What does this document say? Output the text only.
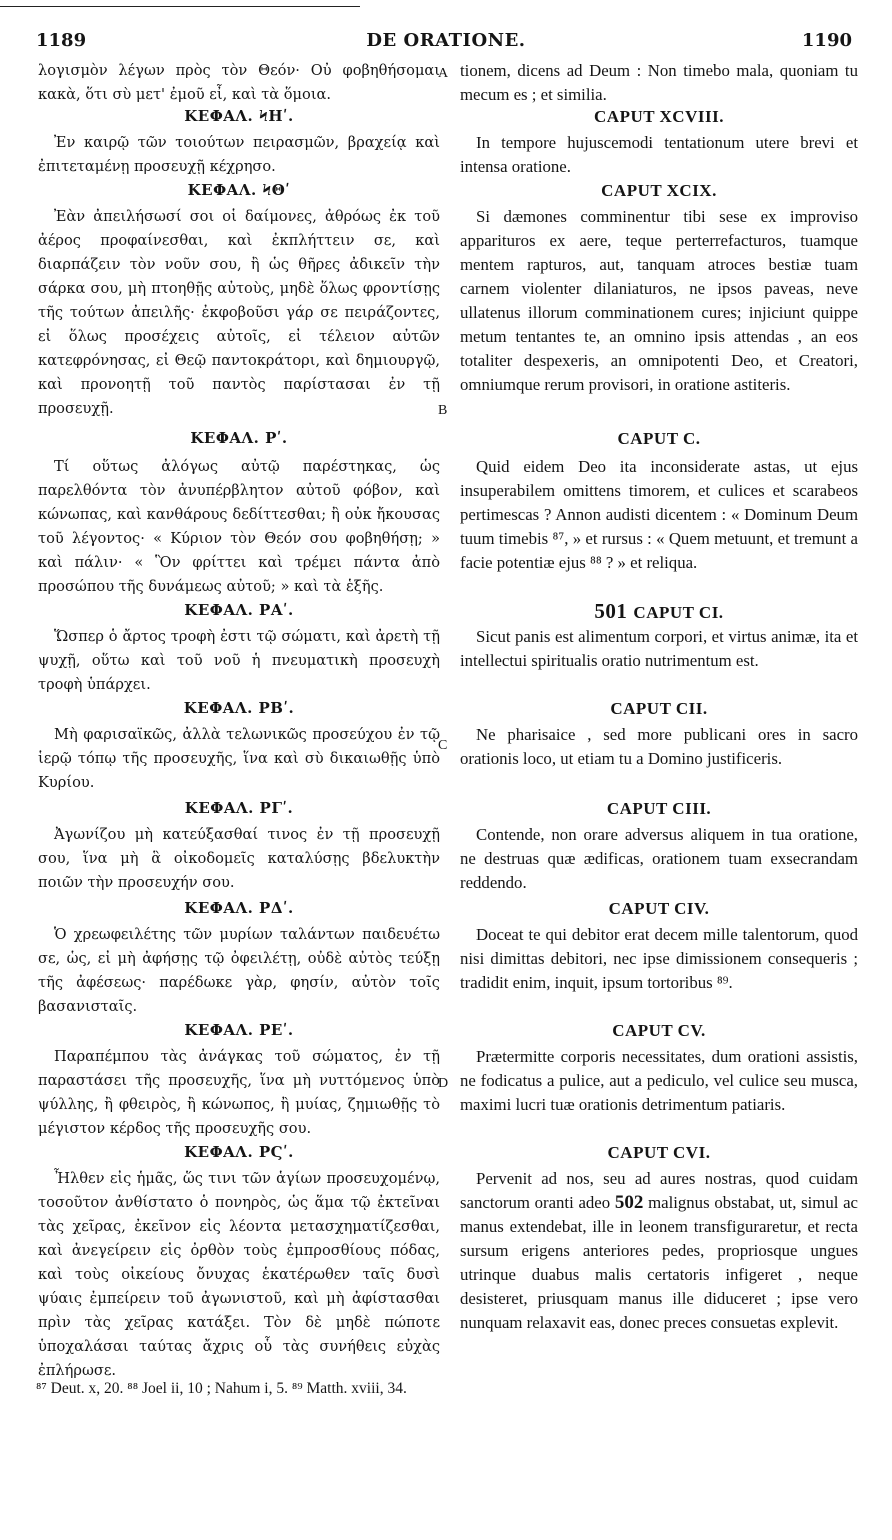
DE ORATIONE.
1189	1190
A
B
C
D

λογισμὸν λέγων πρὸς τὸν Θεόν· Οὐ φοβηθήσομαι κακὰ, ὅτι σὺ μετ' ἐμοῦ εἶ, καὶ τὰ ὅμοια.

ΚΕΦΑΛ. ϞΗʹ.

Ἐν καιρῷ τῶν τοιούτων πειρασμῶν, βραχείᾳ καὶ ἐπιτεταμένῃ προσευχῇ κέχρησο.

ΚΕΦΑΛ. ϞΘʹ

Ἐὰν ἀπειλήσωσί σοι οἱ δαίμονες, ἀθρόως ἐκ τοῦ ἀέρος προφαίνεσθαι, καὶ ἐκπλήττειν σε, καὶ διαρπάζειν τὸν νοῦν σου, ἢ ὡς θῆρες ἀδικεῖν τὴν σάρκα σου, μὴ πτοηθῇς αὐτοὺς, μηδὲ ὅλως φροντίσῃς τῆς τούτων ἀπειλῆς· ἐκφοβοῦσι γάρ σε πειράζοντες, εἰ ὅλως προσέχεις αὐτοῖς, εἰ τέλειον αὐτῶν κατεφρόνησας, εἰ Θεῷ παντοκράτορι, καὶ δημιουργῷ, καὶ προνοητῇ τοῦ παντὸς παρίστασαι ἐν τῇ προσευχῇ.

ΚΕΦΑΛ. Ρʹ.

Τί οὕτως ἀλόγως αὐτῷ παρέστηκας, ὡς παρελθόντα τὸν ἀνυπέρβλητον αὐτοῦ φόβον, καὶ κώνωπας, καὶ κανθάρους δεδίττεσθαι; ἢ οὐκ ἤκουσας τοῦ λέγοντος· « Κύριον τὸν Θεόν σου φοβηθήσῃ; » καὶ πάλιν· « Ὃν φρίττει καὶ τρέμει πάντα ἀπὸ προσώπου τῆς δυνάμεως αὐτοῦ; » καὶ τὰ ἑξῆς.

ΚΕΦΑΛ. ΡΑʹ.

Ὥσπερ ὁ ἄρτος τροφὴ ἐστι τῷ σώματι, καὶ ἀρετὴ τῇ ψυχῇ, οὕτω καὶ τοῦ νοῦ ἡ πνευματικὴ προσευχὴ τροφὴ ὑπάρχει.

ΚΕΦΑΛ. ΡΒʹ.

Μὴ φαρισαϊκῶς, ἀλλὰ τελωνικῶς προσεύχου ἐν τῷ ἱερῷ τόπῳ τῆς προσευχῆς, ἵνα καὶ σὺ δικαιωθῇς ὑπὸ Κυρίου.

ΚΕΦΑΛ. ΡΓʹ.

Ἀγωνίζου μὴ κατεύξασθαί τινος ἐν τῇ προσευχῇ σου, ἵνα μὴ ἃ οἰκοδομεῖς καταλύσῃς βδελυκτὴν ποιῶν τὴν προσευχήν σου.

ΚΕΦΑΛ. ΡΔʹ.

Ὁ χρεωφειλέτης τῶν μυρίων ταλάντων παιδευέτω σε, ὡς, εἰ μὴ ἀφήσῃς τῷ ὀφειλέτῃ, οὐδὲ αὐτὸς τεύξῃ τῆς ἀφέσεως· παρέδωκε γὰρ, φησίν, αὐτὸν τοῖς βασανισταῖς.

ΚΕΦΑΛ. ΡΕʹ.

Παραπέμπου τὰς ἀνάγκας τοῦ σώματος, ἐν τῇ παραστάσει τῆς προσευχῆς, ἵνα μὴ νυττόμενος ὑπὸ ψύλλης, ἢ φθειρὸς, ἢ κώνωπος, ἢ μυίας, ζημιωθῇς τὸ μέγιστον κέρδος τῆς προσευχῆς σου.

ΚΕΦΑΛ. ΡϚʹ.

Ἦλθεν εἰς ἡμᾶς, ὥς τινι τῶν ἁγίων προσευχομένῳ, τοσοῦτον ἀνθίστατο ὁ πονηρὸς, ὡς ἅμα τῷ ἐκτεῖναι τὰς χεῖρας, ἐκεῖνον εἰς λέοντα μετασχηματίζεσθαι, καὶ ἀνεγείρειν εἰς ὀρθὸν τοὺς ἐμπροσθίους πόδας, καὶ τοὺς οἰκείους ὄνυχας ἑκατέρωθεν ταῖς δυσὶ ψύαις ἐμπείρειν τοῦ ἀγωνιστοῦ, καὶ μὴ ἀφίστασθαι πρὶν τὰς χεῖρας κατάξει. Τὸν δὲ μηδὲ πώποτε ὑποχαλάσαι ταύτας ἄχρις οὗ τὰς συνήθεις εὐχὰς ἐπλήρωσε.

tionem, dicens ad Deum : Non timebo mala, quoniam tu mecum es ; et similia.

CAPUT XCVIII.

In tempore hujuscemodi tentationum utere brevi et intensa oratione.

CAPUT XCIX.

Si dæmones comminentur tibi sese ex improviso apparituros ex aere, teque perterrefacturos, tuamque mentem rapturos, aut, tanquam atroces bestiæ tuam carnem violenter dilaniaturos, ne ipsos paveas, neve ullatenus illorum comminationem cures; injiciunt quippe metum tentantes te, an omnino ipsis attendas , an eos totaliter despexeris, an omnipotenti Deo, et Creatori, omniumque rerum provisori, in oratione astiteris.

CAPUT C.

Quid eidem Deo ita inconsiderate astas, ut ejus insuperabilem omittens timorem, et culices et scarabeos pertimescas ? Annon audisti dicentem : « Dominum Deum tuum timebis ⁸⁷, » et rursus : « Quem metuunt, et tremunt a facie potentiæ ejus ⁸⁸ ? » et reliqua.

501 CAPUT CI.

Sicut panis est alimentum corpori, et virtus animæ, ita et intellectui spiritualis oratio nutrimentum est.

CAPUT CII.

Ne pharisaice , sed more publicani ores in sacro orationis loco, ut etiam tu a Domino justificeris.

CAPUT CIII.

Contende, non orare adversus aliquem in tua oratione, ne destruas quæ ædificas, orationem tuam exsecrandam reddendo.

CAPUT CIV.

Doceat te qui debitor erat decem mille talentorum, quod nisi dimittas debitori, nec ipse dimissionem consequeris ; tradidit enim, inquit, ipsum tortoribus ⁸⁹.

CAPUT CV.

Prætermitte corporis necessitates, dum orationi assistis, ne fodicatus a pulice, aut a pediculo, vel culice seu musca, maximi lucri tuæ orationis detrimentum patiaris.

CAPUT CVI.

Pervenit ad nos, seu ad aures nostras, quod cuidam sanctorum oranti adeo 502 malignus obstabat, ut, simul ac manus extendebat, ille in leonem transfiguraretur, et recta sursum erigens anteriores pedes, propriosque ungues utrinque duabus malis certatoris infigeret , neque desisteret, priusquam manus ille diduceret ; ipse vero nunquam relaxavit eas, donec preces consuetas explevit.

⁸⁷ Deut. x, 20. ⁸⁸ Joel ii, 10 ; Nahum i, 5. ⁸⁹ Matth. xviii, 34.
